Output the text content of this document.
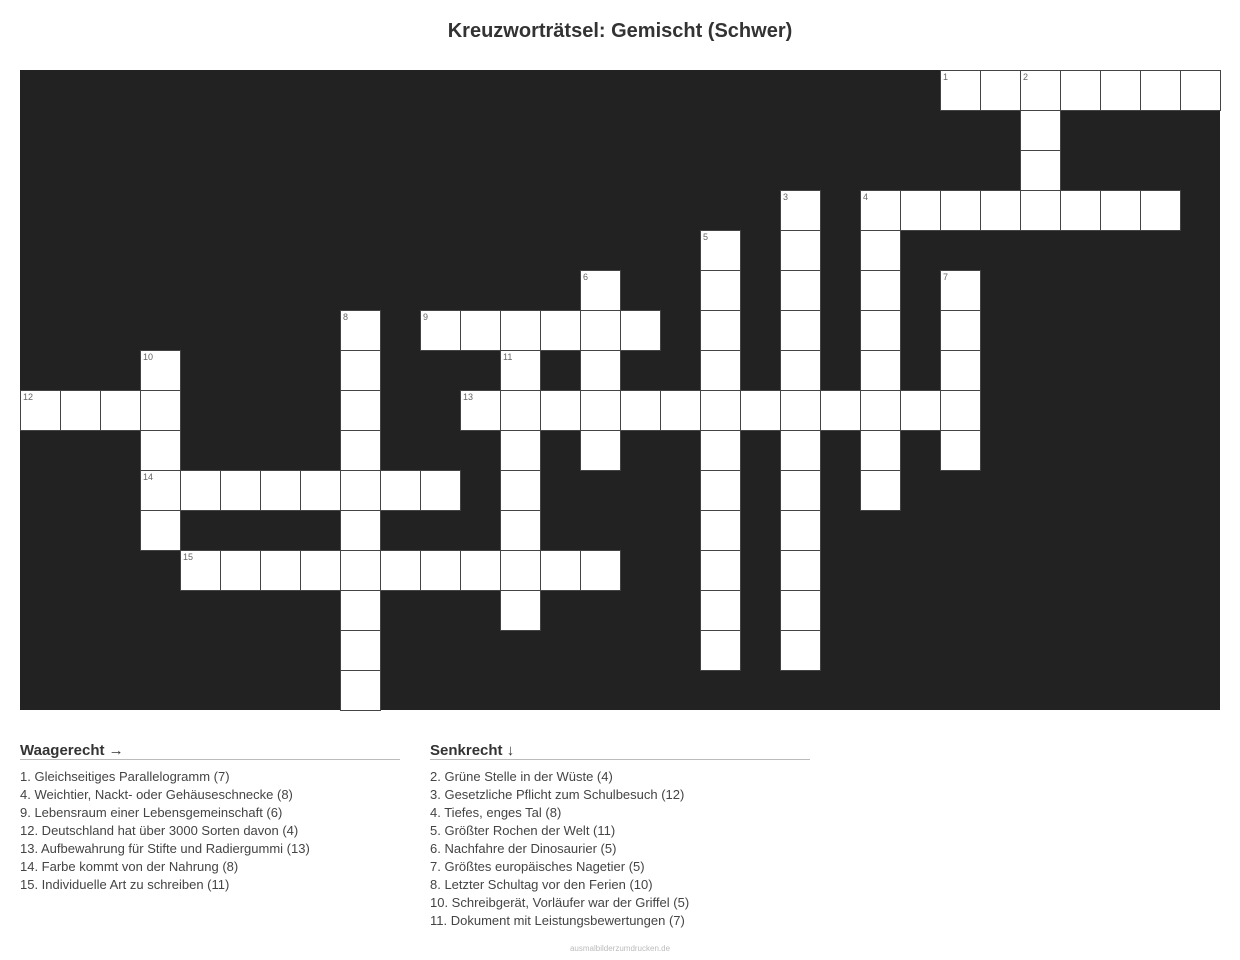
Kreuzworträtsel: Gemischt (Schwer)
1	2
3	4
5
6	7
8	9
10
14
11
12	13
15
Waagerecht →
1. Gleichseitiges Parallelogramm (7)
4. Weichtier, Nackt- oder Gehäuseschnecke (8)
9. Lebensraum einer Lebensgemeinschaft (6)
12. Deutschland hat über 3000 Sorten davon (4)
13. Aufbewahrung für Stifte und Radiergummi (13)
14. Farbe kommt von der Nahrung (8)
15. Individuelle Art zu schreiben (11)
Senkrecht ↓
2. Grüne Stelle in der Wüste (4)
3. Gesetzliche Pflicht zum Schulbesuch (12)
4. Tiefes, enges Tal (8)
5. Größter Rochen der Welt (11)
6. Nachfahre der Dinosaurier (5)
7. Größtes europäisches Nagetier (5)
8. Letzter Schultag vor den Ferien (10)
10. Schreibgerät, Vorläufer war der Griffel (5)
11. Dokument mit Leistungsbewertungen (7)
ausmalbilderzumdrucken.de
